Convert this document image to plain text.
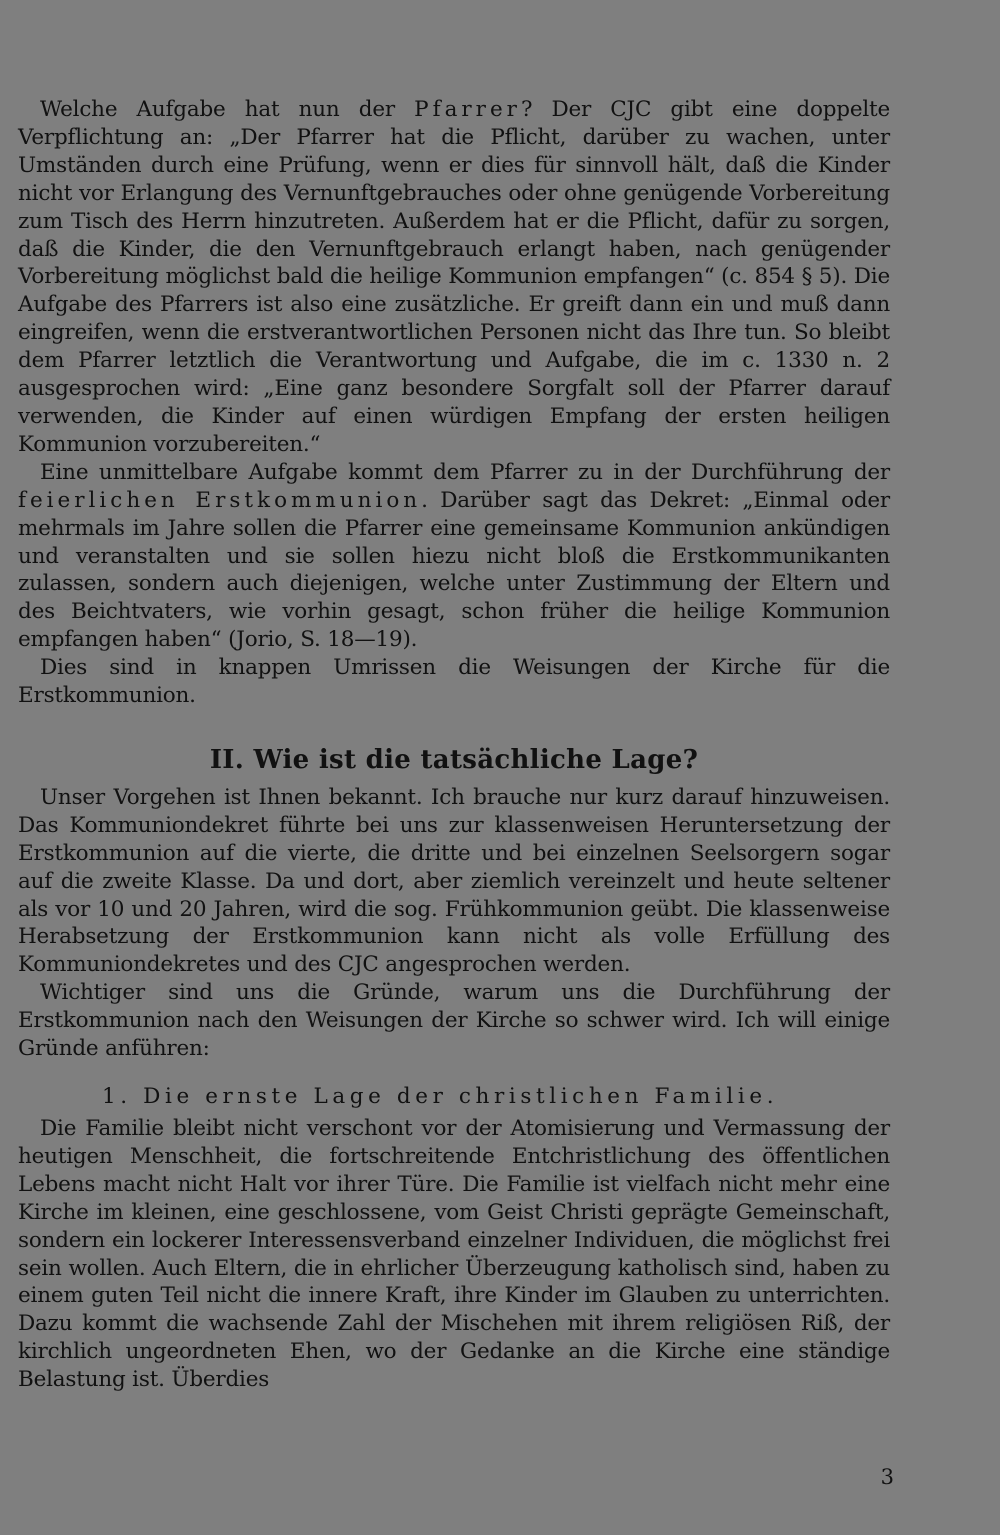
Welche Aufgabe hat nun der Pfarrer? Der CJC gibt eine doppelte Verpflichtung an: „Der Pfarrer hat die Pflicht, darüber zu wachen, unter Umständen durch eine Prüfung, wenn er dies für sinnvoll hält, daß die Kinder nicht vor Erlangung des Vernunftgebrauches oder ohne genügende Vorbereitung zum Tisch des Herrn hinzutreten. Außerdem hat er die Pflicht, dafür zu sorgen, daß die Kinder, die den Vernunftgebrauch erlangt haben, nach genügender Vorbereitung möglichst bald die heilige Kommunion empfangen“ (c. 854 § 5). Die Aufgabe des Pfarrers ist also eine zusätzliche. Er greift dann ein und muß dann eingreifen, wenn die erstverantwortlichen Personen nicht das Ihre tun. So bleibt dem Pfarrer letztlich die Verantwortung und Aufgabe, die im c. 1330 n. 2 ausgesprochen wird: „Eine ganz besondere Sorgfalt soll der Pfarrer darauf verwenden, die Kinder auf einen würdigen Empfang der ersten heiligen Kommunion vorzubereiten.“

Eine unmittelbare Aufgabe kommt dem Pfarrer zu in der Durchführung der feierlichen Erstkommunion. Darüber sagt das Dekret: „Einmal oder mehrmals im Jahre sollen die Pfarrer eine gemeinsame Kommunion ankündigen und veranstalten und sie sollen hiezu nicht bloß die Erstkommunikanten zulassen, sondern auch diejenigen, welche unter Zustimmung der Eltern und des Beichtvaters, wie vorhin gesagt, schon früher die heilige Kommunion empfangen haben“ (Jorio, S. 18—19).

Dies sind in knappen Umrissen die Weisungen der Kirche für die Erstkommunion.

II. Wie ist die tatsächliche Lage?

Unser Vorgehen ist Ihnen bekannt. Ich brauche nur kurz darauf hinzuweisen. Das Kommuniondekret führte bei uns zur klassenweisen Heruntersetzung der Erstkommunion auf die vierte, die dritte und bei einzelnen Seelsorgern sogar auf die zweite Klasse. Da und dort, aber ziemlich vereinzelt und heute seltener als vor 10 und 20 Jahren, wird die sog. Frühkommunion geübt. Die klassenweise Herabsetzung der Erstkommunion kann nicht als volle Erfüllung des Kommuniondekretes und des CJC angesprochen werden.

Wichtiger sind uns die Gründe, warum uns die Durchführung der Erstkommunion nach den Weisungen der Kirche so schwer wird. Ich will einige Gründe anführen:

1. Die ernste Lage der christlichen Familie.

Die Familie bleibt nicht verschont vor der Atomisierung und Vermassung der heutigen Menschheit, die fortschreitende Entchristlichung des öffentlichen Lebens macht nicht Halt vor ihrer Türe. Die Familie ist vielfach nicht mehr eine Kirche im kleinen, eine geschlossene, vom Geist Christi geprägte Gemeinschaft, sondern ein lockerer Interessensverband einzelner Individuen, die möglichst frei sein wollen. Auch Eltern, die in ehrlicher Überzeugung katholisch sind, haben zu einem guten Teil nicht die innere Kraft, ihre Kinder im Glauben zu unterrichten. Dazu kommt die wachsende Zahl der Mischehen mit ihrem religiösen Riß, der kirchlich ungeordneten Ehen, wo der Gedanke an die Kirche eine ständige Belastung ist. Überdies

3
